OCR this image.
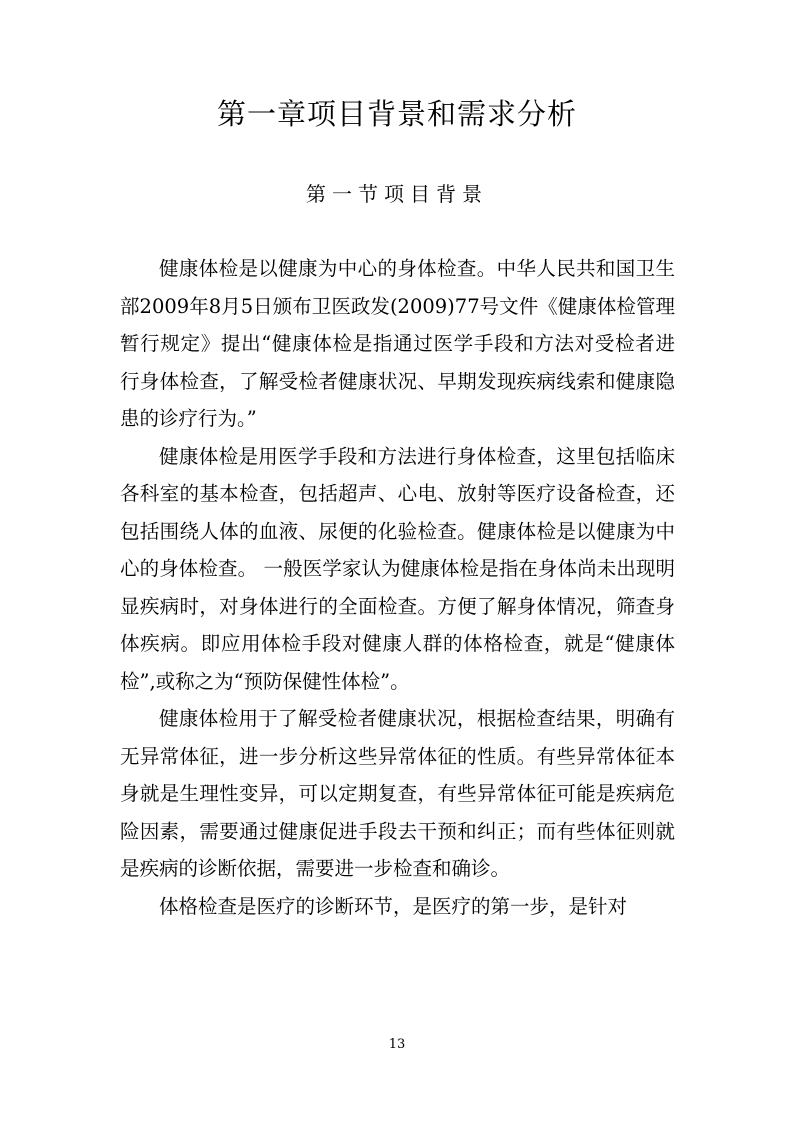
第一章项目背景和需求分析
第一节项目背景

健康体检是以健康为中心的身体检查。中华人民共和国卫生部2009年8月5日颁布卫医政发(2009)77号文件《健康体检管理暂行规定》提出“健康体检是指通过医学手段和方法对受检者进行身体检查，了解受检者健康状况、早期发现疾病线索和健康隐患的诊疗行为。”

健康体检是用医学手段和方法进行身体检查，这里包括临床各科室的基本检查，包括超声、心电、放射等医疗设备检查，还包括围绕人体的血液、尿便的化验检查。健康体检是以健康为中心的身体检查。 一般医学家认为健康体检是指在身体尚未出现明显疾病时，对身体进行的全面检查。方便了解身体情况，筛查身体疾病。即应用体检手段对健康人群的体格检查，就是“健康体检”,或称之为“预防保健性体检”。

健康体检用于了解受检者健康状况，根据检查结果，明确有无异常体征，进一步分析这些异常体征的性质。有些异常体征本身就是生理性变异，可以定期复查，有些异常体征可能是疾病危险因素，需要通过健康促进手段去干预和纠正；而有些体征则就是疾病的诊断依据，需要进一步检查和确诊。

体格检查是医疗的诊断环节，是医疗的第一步，是针对

13
